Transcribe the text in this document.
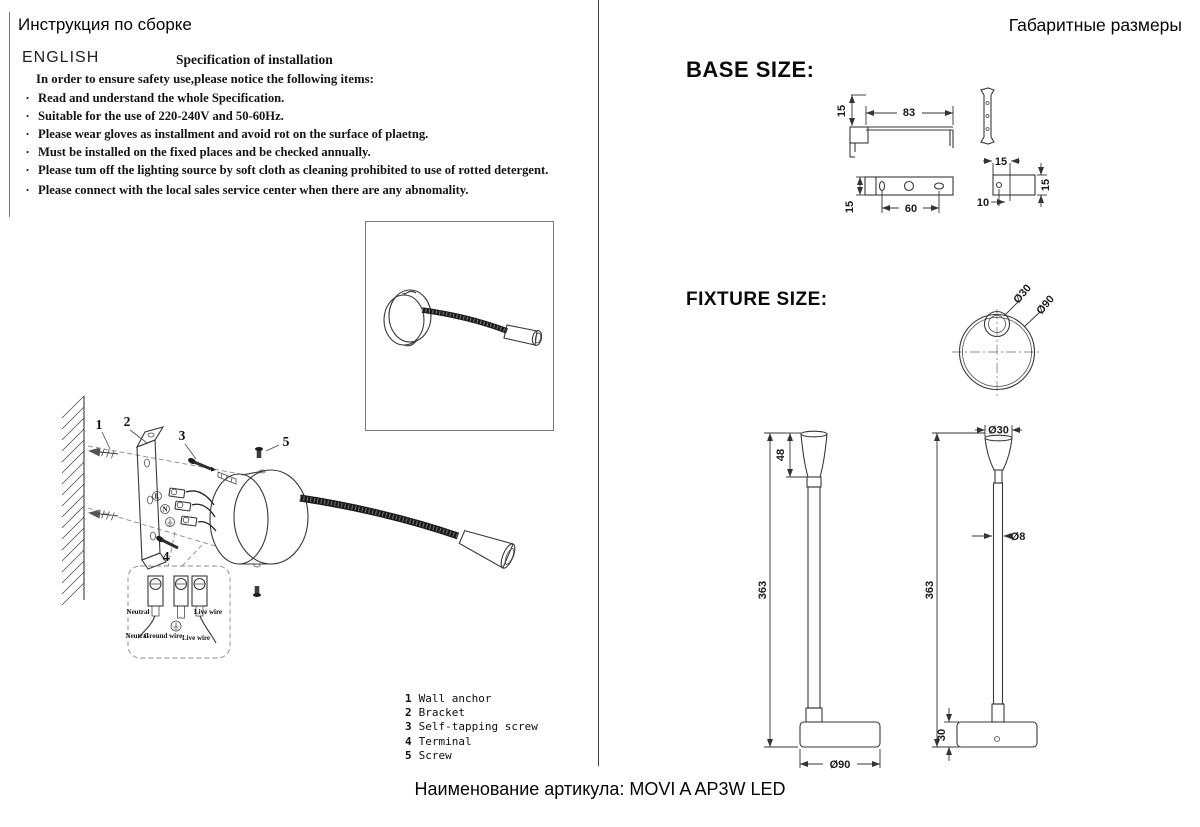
Инструкция по сборке	Габаритные размеры
ENGLISH	Specification of installation
In order to ensure safety use,please notice the following items:
. Read and understand the whole Specification.
. Suitable for the use of 220-240V and 50-60Hz.
. Please wear gloves as installment and avoid rot on the surface of plaetng.
. Must be installed on the fixed places and be checked annually.
. Please tum off the lighting source by soft cloth as cleaning prohibited to use of rotted detergent.
. Please connect with the local sales service center when there are any abnomality.
L
N
1 2
3	5
4
Neutral	Live wire
Neutral
Ground wire Live wire
1 Wall anchor
2 Bracket
3 Self-tapping screw
4 Terminal
5 Screw
BASE SIZE:
FIXTURE SIZE:
15	83
15	60
15
15
10
Ø30 Ø90
48
363
Ø90
Ø30
Ø8
363
30
Наименование артикула: MOVI A AP3W LED
